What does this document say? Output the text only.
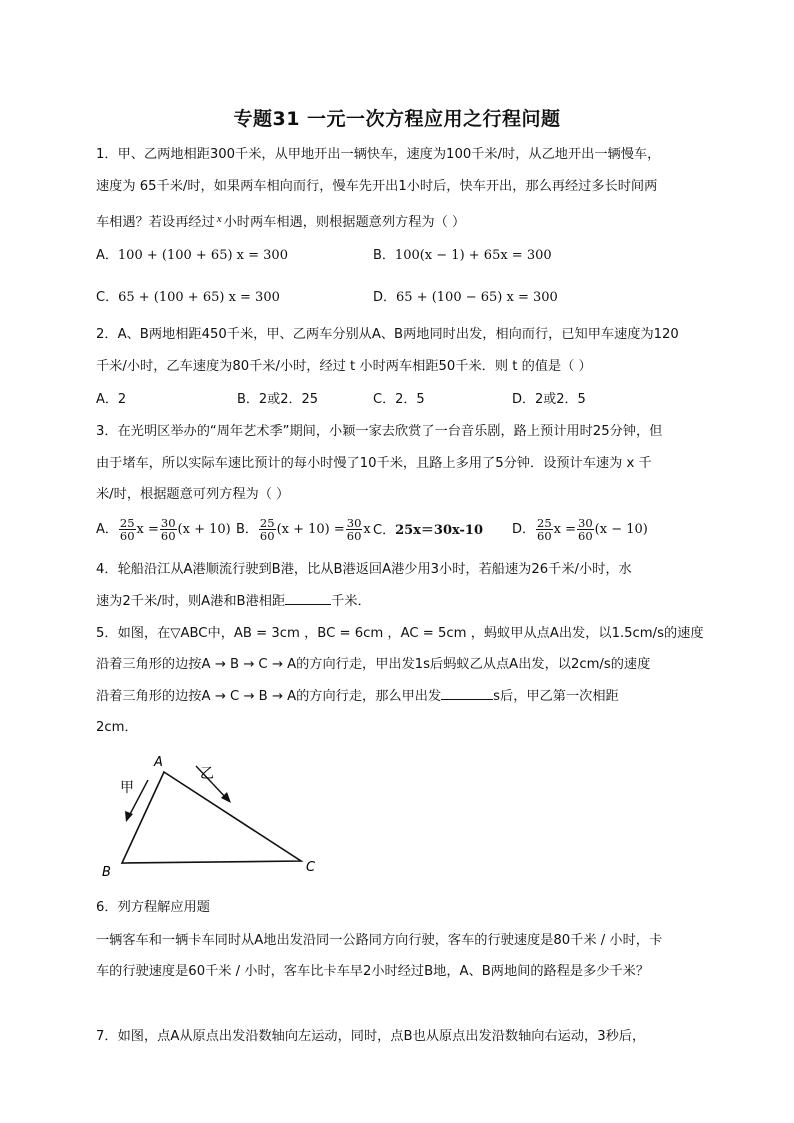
专题31 一元一次方程应用之行程问题
1．甲、乙两地相距300千米，从甲地开出一辆快车，速度为100千米/时，从乙地开出一辆慢车，
速度为 65千米/时，如果两车相向而行，慢车先开出1小时后，快车开出，那么再经过多长时间两
车相遇？若设再经过 $^x$ 小时两车相遇，则根据题意列方程为（ ）
A．100 + (100 + 65) x = 300	B．100(x − 1) + 65x = 300
C．65 + (100 + 65) x = 300	D．65 + (100 − 65) x = 300
2．A、B两地相距450千米，甲、乙两车分别从A、B两地同时出发，相向而行，已知甲车速度为120
千米/小时，乙车速度为80千米/小时，经过 t 小时两车相距50千米．则 t 的值是（ ）
A．2	B．2或2．25	C．2．5	D．2或2．5
3．在光明区举办的“周年艺术季”期间，小颖一家去欣赏了一台音乐剧，路上预计用时25分钟，但
由于堵车，所以实际车速比预计的每小时慢了10千米，且路上多用了5分钟．设预计车速为 x 千
米/时，根据题意可列方程为（ ）
A． $\frac{25}{60}$ $x = \frac{30}{60} (x + 10)$ B． $\frac{25}{60} (x + 10) = \frac{30}{60}$ x C．25x＝30x-10 D． $\frac{25}{60}$ $x = \frac{30}{60} (x - 10)$
4．轮船沿江从A港顺流行驶到B港，比从B港返回A港少用3小时，若船速为26千米/小时，水
速为2千米/时，则A港和B港相距	千米．
5．如图，在▽ABC中，AB = 3cm ，BC = 6cm ，AC = 5cm ，蚂蚁甲从点A出发，以1.5cm/s的速度
沿着三角形的边按A → B → C → A的方向行走，甲出发1s后蚂蚁乙从点A出发，以2cm/s的速度
沿着三角形的边按A → C → B → A的方向行走，那么甲出发	s后，甲乙第一次相距
2cm．
A
B	C
甲
乙
6．列方程解应用题
一辆客车和一辆卡车同时从A地出发沿同一公路同方向行驶，客车的行驶速度是80千米 / 小时，卡
车的行驶速度是60千米 / 小时，客车比卡车早2小时经过B地，A、B两地间的路程是多少千米？
7．如图，点A从原点出发沿数轴向左运动，同时，点B也从原点出发沿数轴向右运动，3秒后，
